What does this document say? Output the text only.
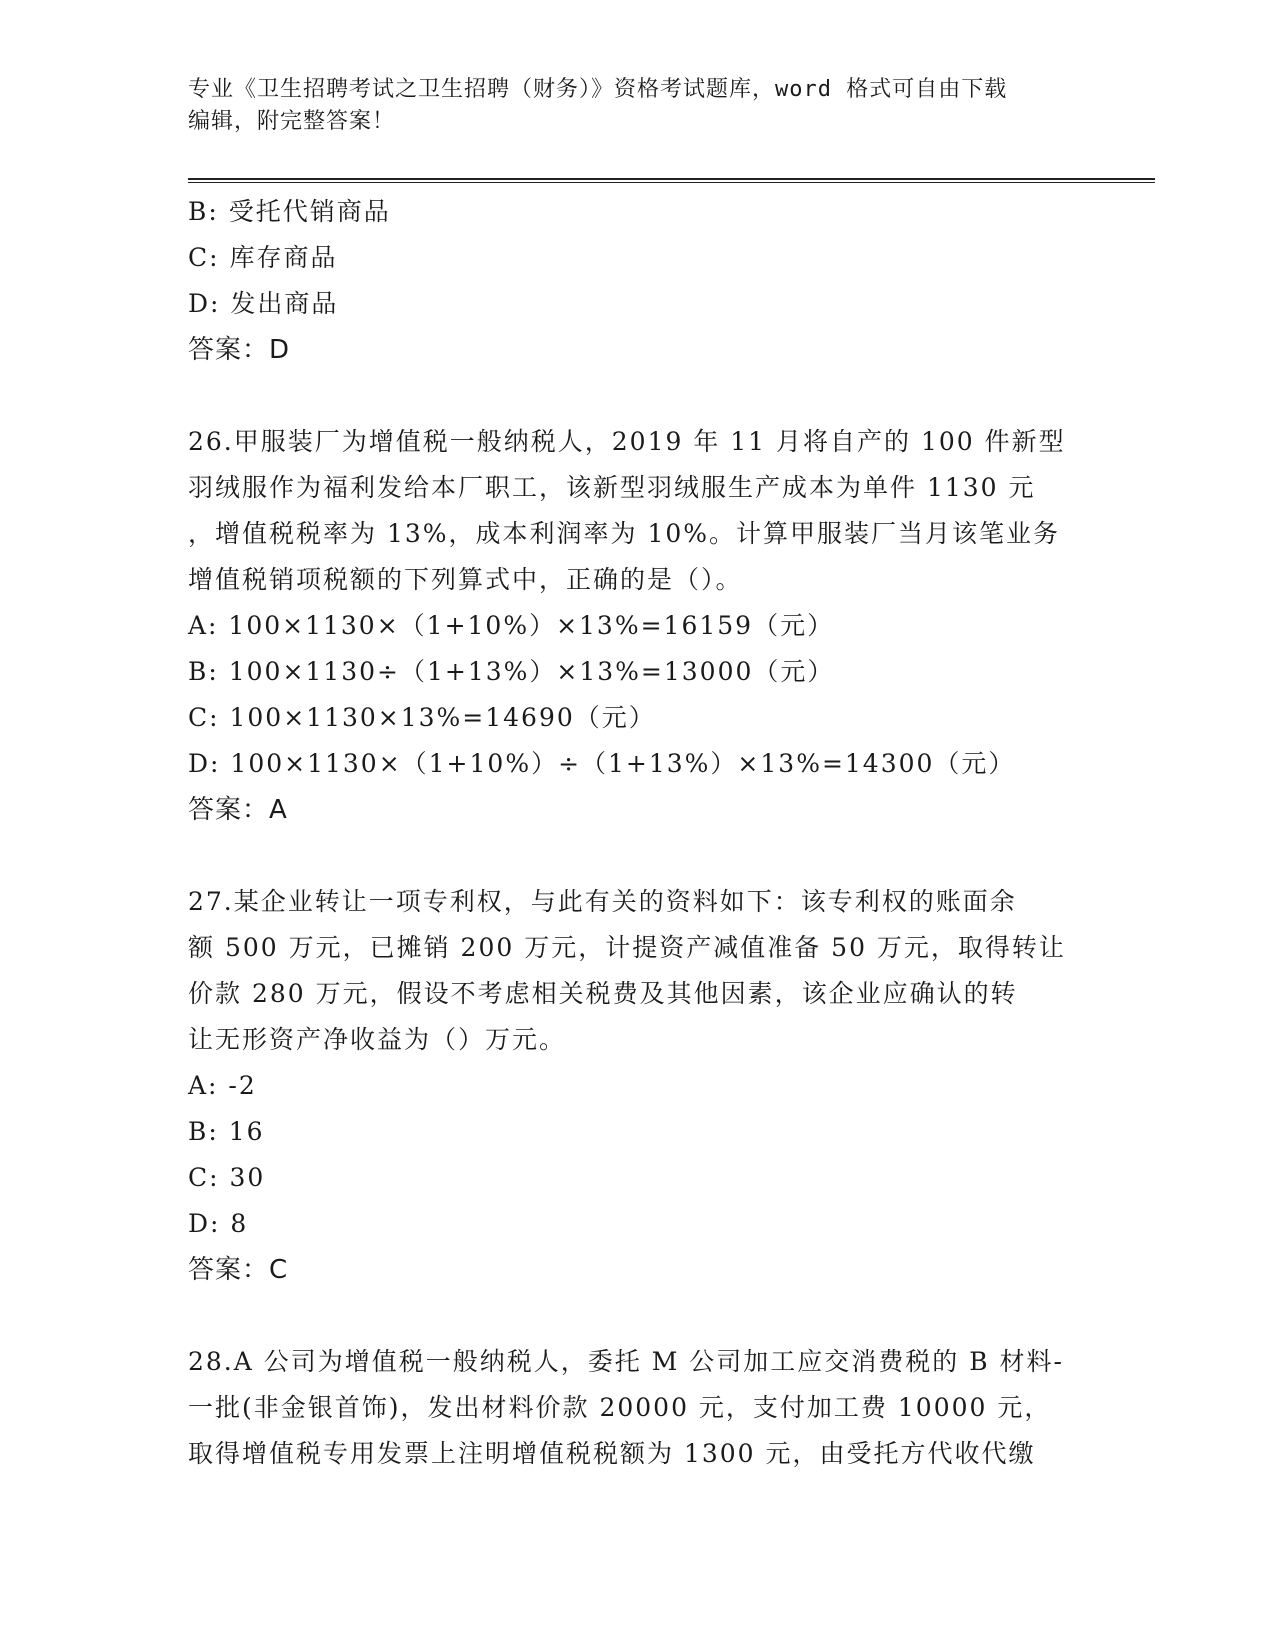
专业《卫生招聘考试之卫生招聘（财务）》资格考试题库，word 格式可自由下载
编辑，附完整答案！
B: 受托代销商品
C: 库存商品
D: 发出商品
答案：D
26.甲服装厂为增值税一般纳税人，2019 年 11 月将自产的 100 件新型
羽绒服作为福利发给本厂职工，该新型羽绒服生产成本为单件 1130 元
，增值税税率为 13%，成本利润率为 10%。计算甲服装厂当月该笔业务
增值税销项税额的下列算式中，正确的是（）。
A: 100×1130×（1+10%）×13%=16159（元）
B: 100×1130÷（1+13%）×13%=13000（元）
C: 100×1130×13%=14690（元）
D: 100×1130×（1+10%）÷（1+13%）×13%=14300（元）
答案：A
27.某企业转让一项专利权，与此有关的资料如下：该专利权的账面余
额 500 万元，已摊销 200 万元，计提资产减值准备 50 万元，取得转让
价款 280 万元，假设不考虑相关税费及其他因素，该企业应确认的转
让无形资产净收益为（）万元。
A: -2
B: 16
C: 30
D: 8
答案：C
28.A 公司为增值税一般纳税人，委托 M 公司加工应交消费税的 B 材料-
一批(非金银首饰)，发出材料价款 20000 元，支付加工费 10000 元，
取得增值税专用发票上注明增值税税额为 1300 元，由受托方代收代缴
